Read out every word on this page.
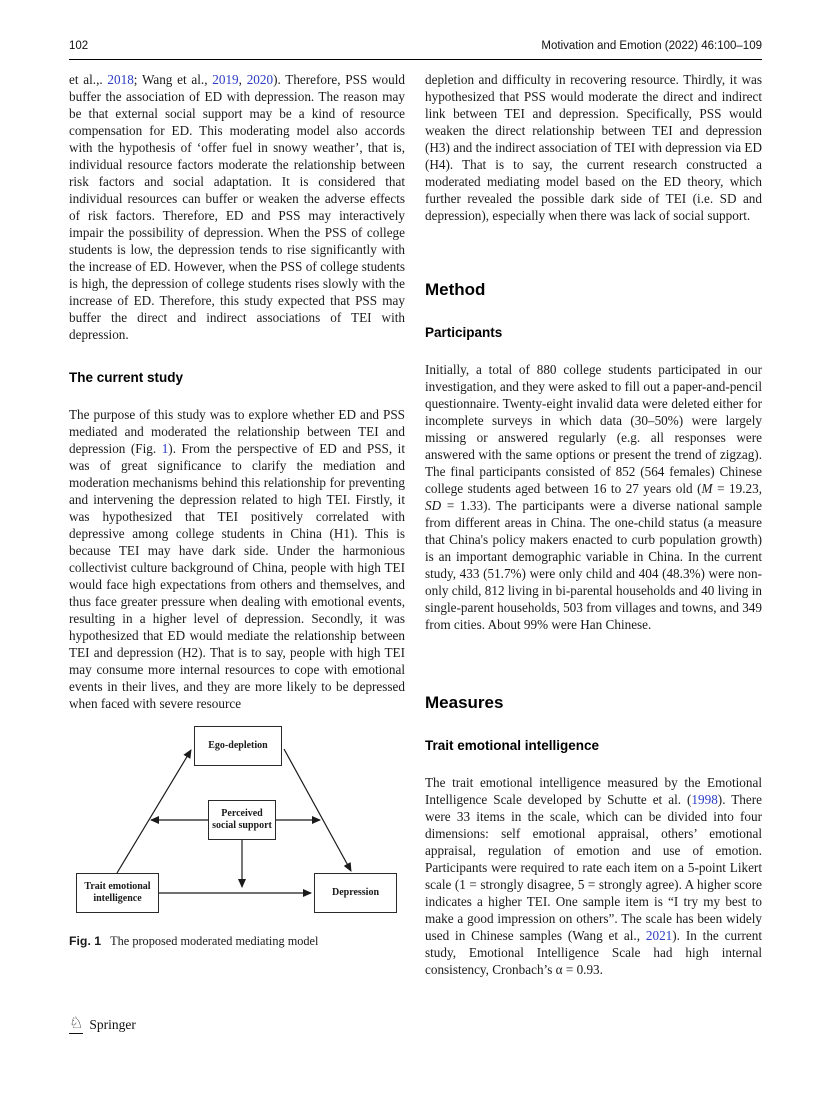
102	Motivation and Emotion (2022) 46:100–109

et al.,. 2018; Wang et al., 2019, 2020). Therefore, PSS would buffer the association of ED with depression. The reason may be that external social support may be a kind of resource compensation for ED. This moderating model also accords with the hypothesis of ‘offer fuel in snowy weather’, that is, individual resource factors moderate the relationship between risk factors and social adaptation. It is considered that individual resources can buffer or weaken the adverse effects of risk factors. Therefore, ED and PSS may interactively impair the possibility of depression. When the PSS of college students is low, the depression tends to rise significantly with the increase of ED. However, when the PSS of college students is high, the depression of college students rises slowly with the increase of ED. Therefore, this study expected that PSS may buffer the direct and indirect associations of TEI with depression.

The current study

The purpose of this study was to explore whether ED and PSS mediated and moderated the relationship between TEI and depression (Fig. 1). From the perspective of ED and PSS, it was of great significance to clarify the mediation and moderation mechanisms behind this relationship for preventing and intervening the depression related to high TEI. Firstly, it was hypothesized that TEI positively correlated with depressive among college students in China (H1). This is because TEI may have dark side. Under the harmonious collectivist culture background of China, people with high TEI would face high expectations from others and themselves, and thus face greater pressure when dealing with emotional events, resulting in a higher level of depression. Secondly, it was hypothesized that ED would mediate the relationship between TEI and depression (H2). That is to say, people with high TEI may consume more internal resources to cope with emotional events in their lives, and they are more likely to be depressed when faced with severe resource

Ego-depletion
Perceived social support
Trait emotional intelligence
Depression
Fig. 1 The proposed moderated mediating model

depletion and difficulty in recovering resource. Thirdly, it was hypothesized that PSS would moderate the direct and indirect link between TEI and depression. Specifically, PSS would weaken the direct relationship between TEI and depression (H3) and the indirect association of TEI with depression via ED (H4). That is to say, the current research constructed a moderated mediating model based on the ED theory, which further revealed the possible dark side of TEI (i.e. SD and depression), especially when there was lack of social support.

Method
Participants

Initially, a total of 880 college students participated in our investigation, and they were asked to fill out a paper-and-pencil questionnaire. Twenty-eight invalid data were deleted either for incomplete surveys in which data (30–50%) were largely missing or answered regularly (e.g. all responses were answered with the same options or present the trend of zigzag). The final participants consisted of 852 (564 females) Chinese college students aged between 16 to 27 years old (M = 19.23, SD = 1.33). The participants were a diverse national sample from different areas in China. The one-child status (a measure that China's policy makers enacted to curb population growth) is an important demographic variable in China. In the current study, 433 (51.7%) were only child and 404 (48.3%) were non-only child, 812 living in bi-parental households and 40 living in single-parent households, 503 from villages and towns, and 349 from cities. About 99% were Han Chinese.

Measures
Trait emotional intelligence

The trait emotional intelligence measured by the Emotional Intelligence Scale developed by Schutte et al. (1998). There were 33 items in the scale, which can be divided into four dimensions: self emotional appraisal, others’ emotional appraisal, regulation of emotion and use of emotion. Participants were required to rate each item on a 5-point Likert scale (1 = strongly disagree, 5 = strongly agree). A higher score indicates a higher TEI. One sample item is “I try my best to make a good impression on others”. The scale has been widely used in Chinese samples (Wang et al., 2021). In the current study, Emotional Intelligence Scale had high internal consistency, Cronbach’s α = 0.93.

♘ Springer
